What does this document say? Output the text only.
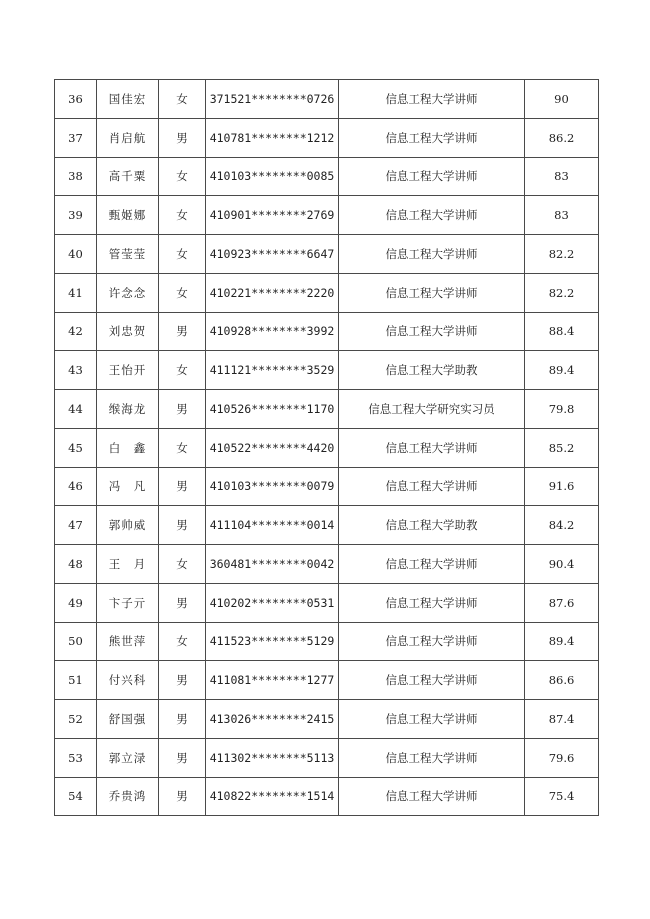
36	国佳宏	女	371521********0726	信息工程大学讲师	90
37	肖启航	男	410781********1212	信息工程大学讲师	86.2
38	高千粟	女	410103********0085	信息工程大学讲师	83
39	甄姬娜	女	410901********2769	信息工程大学讲师	83
40	管莹莹	女	410923********6647	信息工程大学讲师	82.2
41	许念念	女	410221********2220	信息工程大学讲师	82.2
42	刘忠贺	男	410928********3992	信息工程大学讲师	88.4
43	王怡开	女	411121********3529	信息工程大学助教	89.4
44	缑海龙	男	410526********1170	信息工程大学研究实习员	79.8
45	白　鑫	女	410522********4420	信息工程大学讲师	85.2
46	冯　凡	男	410103********0079	信息工程大学讲师	91.6
47	郭帅威	男	411104********0014	信息工程大学助教	84.2
48	王　月	女	360481********0042	信息工程大学讲师	90.4
49	卞子亓	男	410202********0531	信息工程大学讲师	87.6
50	熊世萍	女	411523********5129	信息工程大学讲师	89.4
51	付兴科	男	411081********1277	信息工程大学讲师	86.6
52	舒国强	男	413026********2415	信息工程大学讲师	87.4
53	郭立渌	男	411302********5113	信息工程大学讲师	79.6
54	乔贵鸿	男	410822********1514	信息工程大学讲师	75.4
